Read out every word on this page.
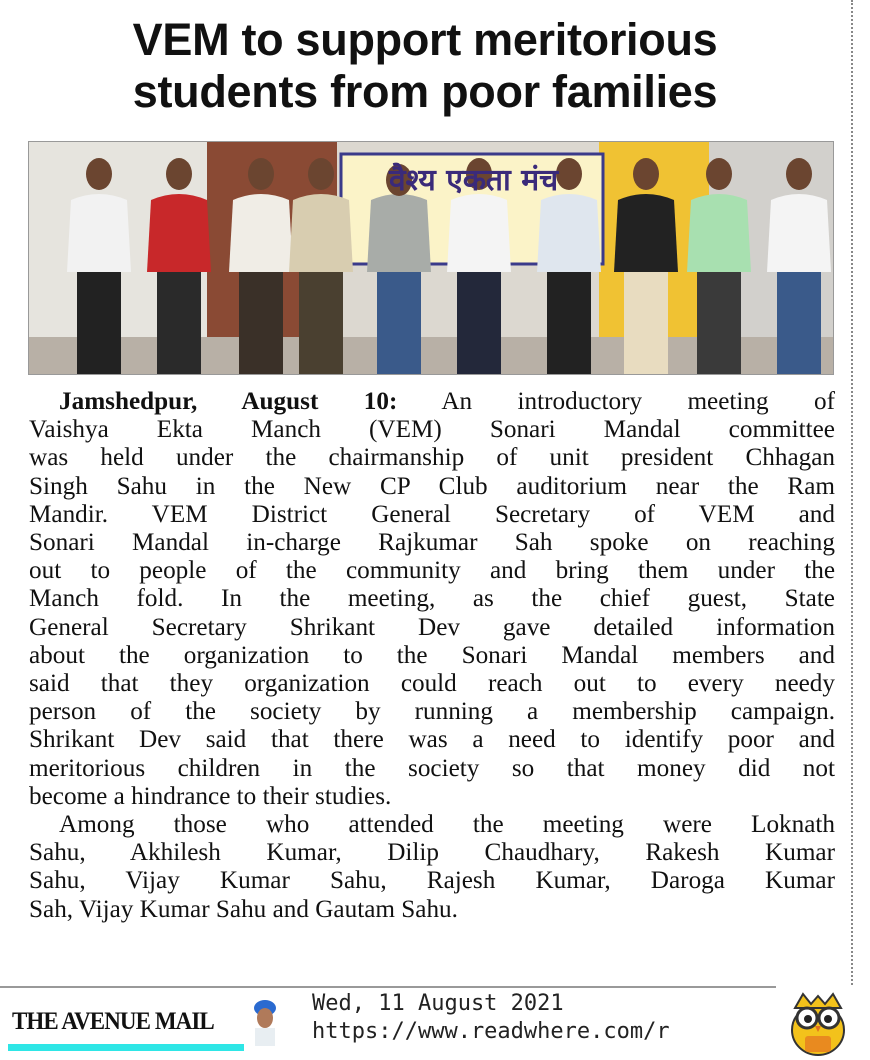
VEM to support meritorious
students from poor families
वैश्य एकता मंच
Jamshedpur, August 10: An introductory meeting of
Vaishya Ekta Manch (VEM) Sonari Mandal committee
was held under the chairmanship of unit president Chhagan
Singh Sahu in the New CP Club auditorium near the Ram
Mandir. VEM District General Secretary of VEM and
Sonari Mandal in-charge Rajkumar Sah spoke on reaching
out to people of the community and bring them under the
Manch fold. In the meeting, as the chief guest, State
General Secretary Shrikant Dev gave detailed information
about the organization to the Sonari Mandal members and
said that they organization could reach out to every needy
person of the society by running a membership campaign.
Shrikant Dev said that there was a need to identify poor and
meritorious children in the society so that money did not
become a hindrance to their studies.
Among those who attended the meeting were Loknath
Sahu, Akhilesh Kumar, Dilip Chaudhary, Rakesh Kumar
Sahu, Vijay Kumar Sahu, Rajesh Kumar, Daroga Kumar
Sah, Vijay Kumar Sahu and Gautam Sahu.
THE AVENUE MAIL
Wed, 11 August 2021
https://www.readwhere.com/r
